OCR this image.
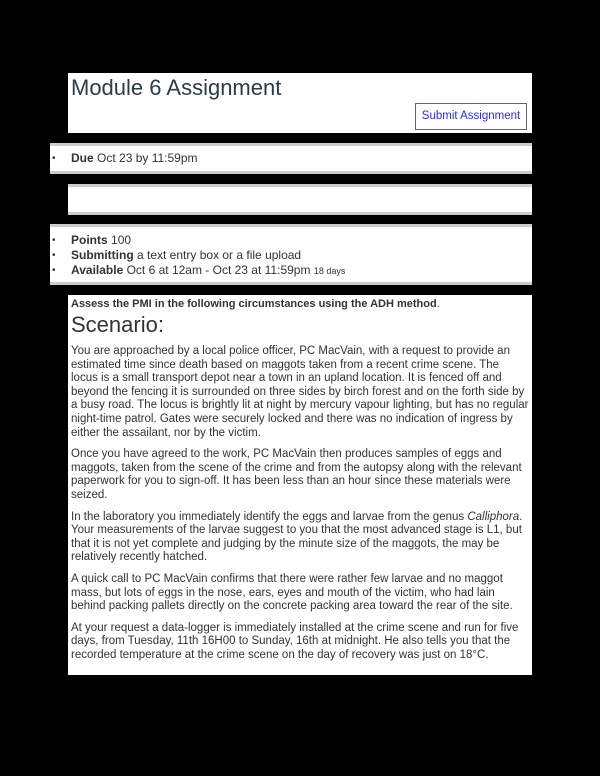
Module 6 Assignment
Submit Assignment
• Due Oct 23 by 11:59pm
• Points 100
• Submitting a text entry box or a file upload
• Available Oct 6 at 12am - Oct 23 at 11:59pm 18 days

Assess the PMI in the following circumstances using the ADH method.

Scenario:

You are approached by a local police officer, PC MacVain, with a request to provide an estimated time since death based on maggots taken from a recent crime scene. The locus is a small transport depot near a town in an upland location. It is fenced off and beyond the fencing it is surrounded on three sides by birch forest and on the forth side by a busy road. The locus is brightly lit at night by mercury vapour lighting, but has no regular night-time patrol. Gates were securely locked and there was no indication of ingress by either the assailant, nor by the victim.

Once you have agreed to the work, PC MacVain then produces samples of eggs and maggots, taken from the scene of the crime and from the autopsy along with the relevant paperwork for you to sign-off. It has been less than an hour since these materials were seized.

In the laboratory you immediately identify the eggs and larvae from the genus Calliphora. Your measurements of the larvae suggest to you that the most advanced stage is L1, but that it is not yet complete and judging by the minute size of the maggots, the may be relatively recently hatched.

A quick call to PC MacVain confirms that there were rather few larvae and no maggot mass, but lots of eggs in the nose, ears, eyes and mouth of the victim, who had lain behind packing pallets directly on the concrete packing area toward the rear of the site.

At your request a data-logger is immediately installed at the crime scene and run for five days, from Tuesday, 11th 16H00 to Sunday, 16th at midnight. He also tells you that the recorded temperature at the crime scene on the day of recovery was just on 18°C.
